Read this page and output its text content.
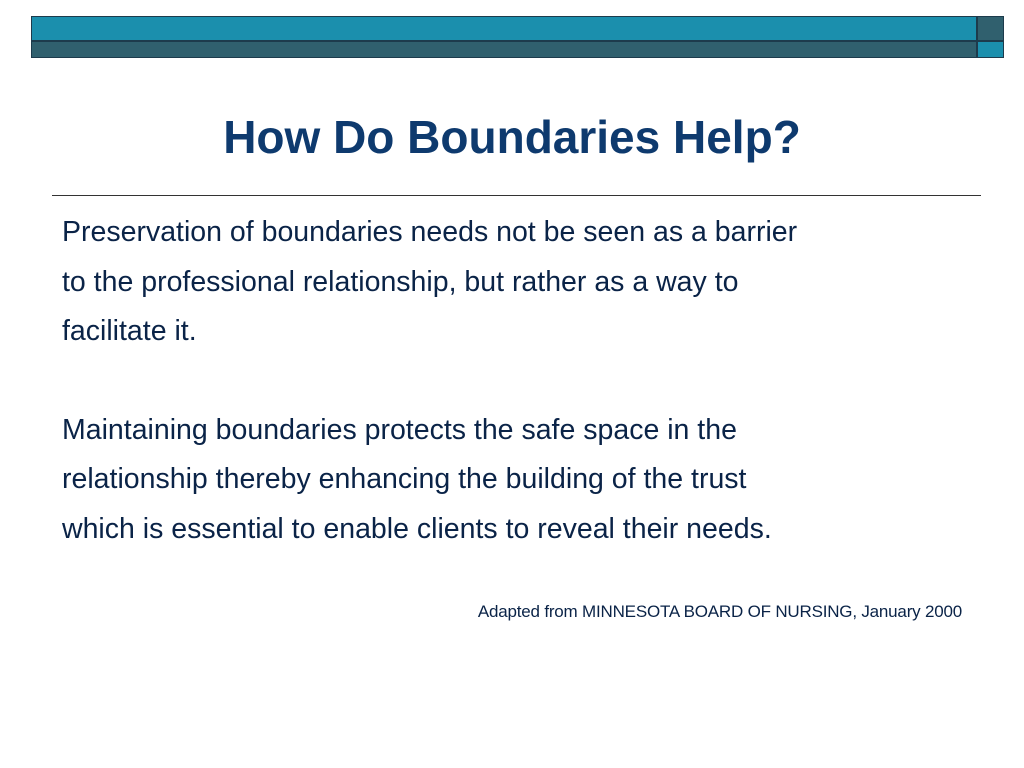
How Do Boundaries Help?

Preservation of boundaries needs not be seen as a barrier
to the professional relationship, but rather as a way to
facilitate it.

Maintaining boundaries protects the safe space in the
relationship thereby enhancing the building of the trust
which is essential to enable clients to reveal their needs.

Adapted from MINNESOTA BOARD OF NURSING, January 2000
